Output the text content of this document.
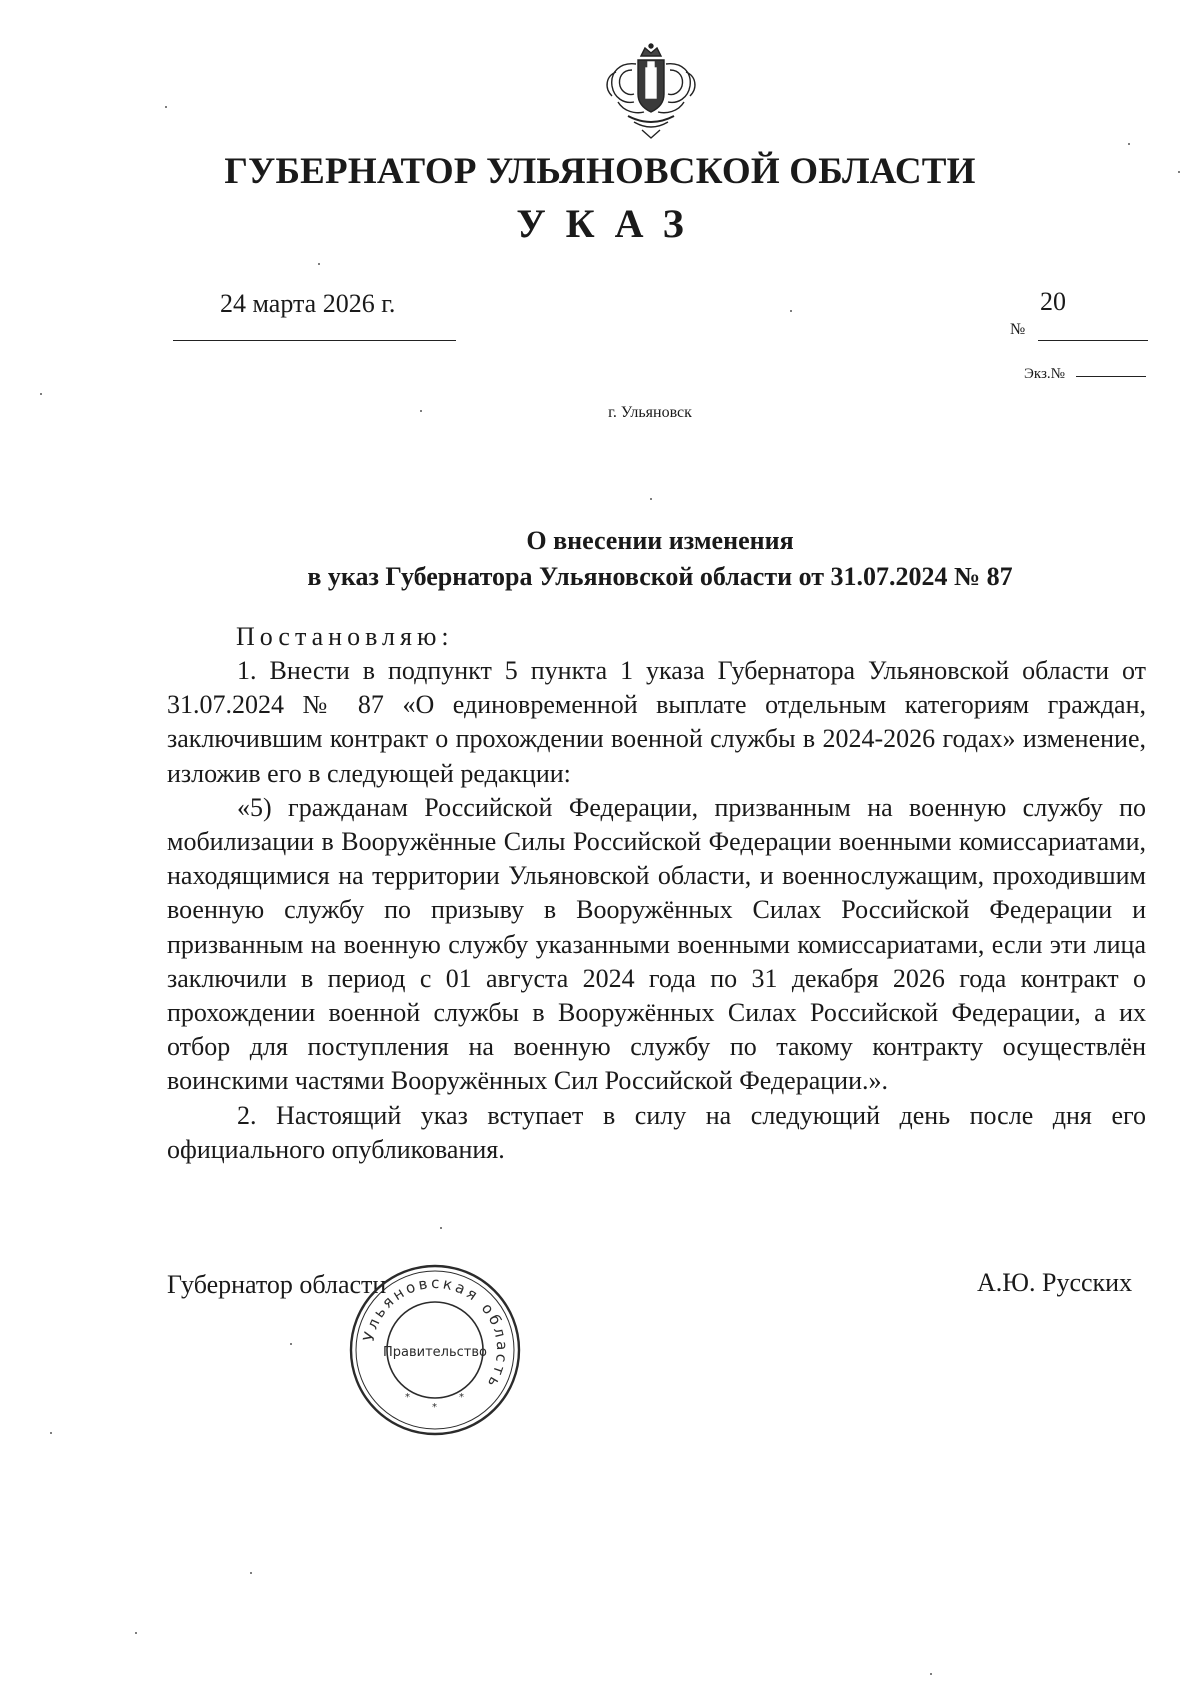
ГУБЕРНАТОР УЛЬЯНОВСКОЙ ОБЛАСТИ
УКАЗ
24 марта 2026 г.	20
№
Экз.№
г. Ульяновск
О внесении изменения
в указ Губернатора Ульяновской области от 31.07.2024 № 87
Постановляю:

1. Внести в подпункт 5 пункта 1 указа Губернатора Ульяновской области от 31.07.2024 № 87 «О единовременной выплате отдельным категориям граждан, заключившим контракт о прохождении военной службы в 2024-2026 годах» изменение, изложив его в следующей редакции:

«5) гражданам Российской Федерации, призванным на военную службу по мобилизации в Вооружённые Силы Российской Федерации военными комиссариатами, находящимися на территории Ульяновской области, и военнослужащим, проходившим военную службу по призыву в Вооружённых Силах Российской Федерации и призванным на военную службу указанными военными комиссариатами, если эти лица заключили в период с 01 августа 2024 года по 31 декабря 2026 года контракт о прохождении военной службы в Вооружённых Силах Российской Федерации, а их отбор для поступления на военную службу по такому контракту осуществлён воинскими частями Вооружённых Сил Российской Федерации.».

2. Настоящий указ вступает в силу на следующий день после дня его официального опубликования.

Губернатор области	А.Ю. Русских
Ульяновская область
Правительство
*
*
*
